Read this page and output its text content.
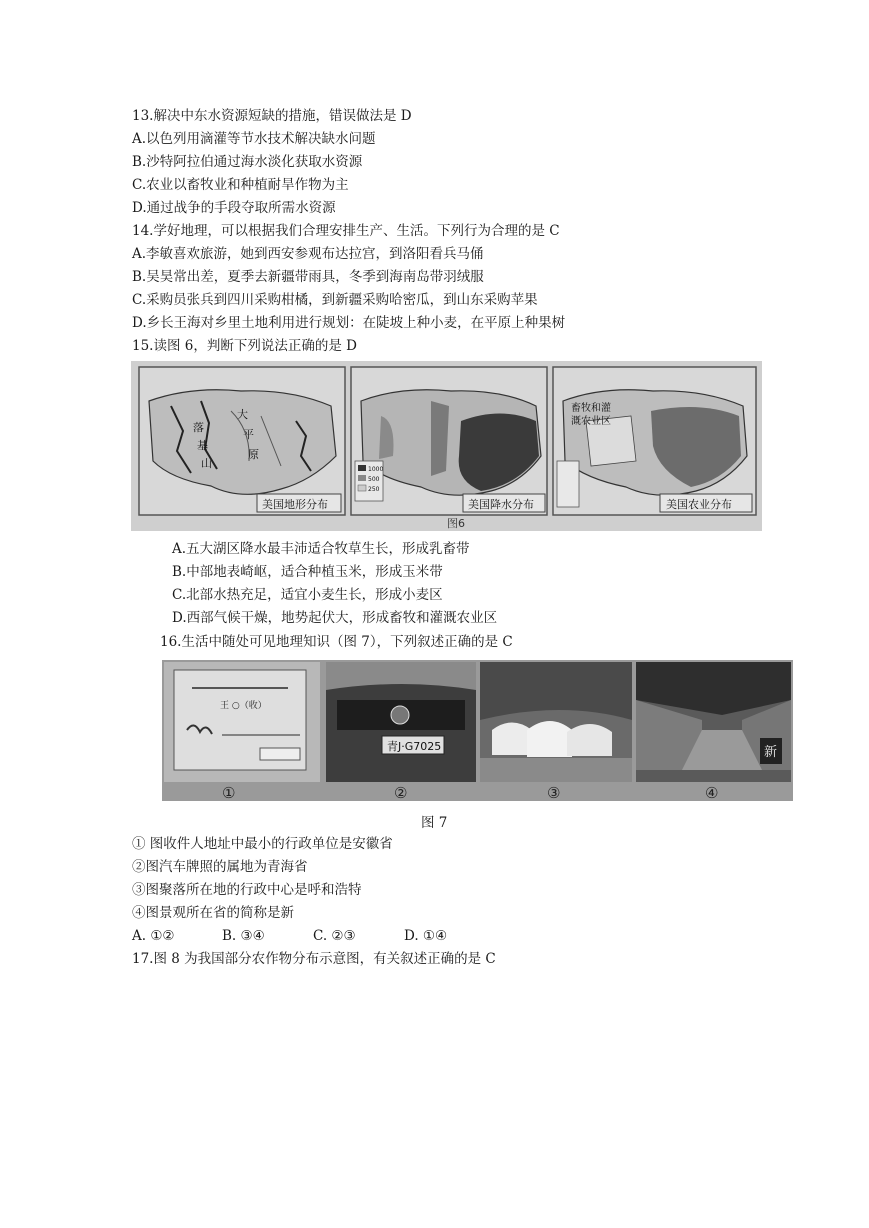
13.解决中东水资源短缺的措施，错误做法是 D
A.以色列用滴灌等节水技术解决缺水问题
B.沙特阿拉伯通过海水淡化获取水资源
C.农业以畜牧业和种植耐旱作物为主
D.通过战争的手段夺取所需水资源
14.学好地理，可以根据我们合理安排生产、生活。下列行为合理的是 C
A.李敏喜欢旅游，她到西安参观布达拉宫，到洛阳看兵马俑
B.吴昊常出差，夏季去新疆带雨具，冬季到海南岛带羽绒服
C.采购员张兵到四川采购柑橘，到新疆采购哈密瓜，到山东采购苹果
D.乡长王海对乡里土地利用进行规划：在陡坡上种小麦，在平原上种果树
15.读图 6，判断下列说法正确的是 D
大
平
原
落
基
山
美国地形分布
1000
500
250
美国降水分布
畜牧和灌
溉农业区
美国农业分布
图6
A.五大湖区降水最丰沛适合牧草生长，形成乳畜带
B.中部地表崎岖，适合种植玉米，形成玉米带
C.北部水热充足，适宜小麦生长，形成小麦区
D.西部气候干燥，地势起伏大，形成畜牧和灌溉农业区
16.生活中随处可见地理知识（图 7），下列叙述正确的是 C
王 ○（收）
①
青J·G7025
②	③
新
④
图 7
① 图收件人地址中最小的行政单位是安徽省
②图汽车牌照的属地为青海省
③图聚落所在地的行政中心是呼和浩特
④图景观所在省的简称是新
A. ①②	B. ③④	C. ②③	D. ①④
17.图 8 为我国部分农作物分布示意图，有关叙述正确的是 C
